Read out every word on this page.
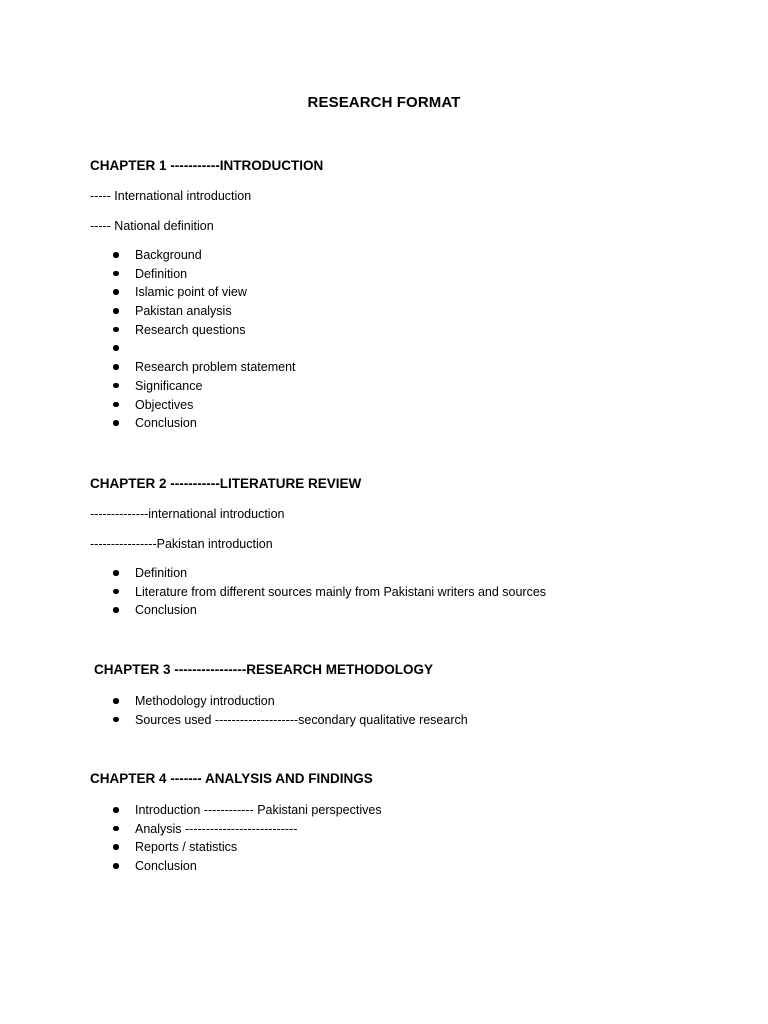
RESEARCH FORMAT
CHAPTER 1 -----------INTRODUCTION
----- International introduction
----- National definition
Background
Definition
Islamic point of view
Pakistan analysis
Research questions
Research problem statement
Significance
Objectives
Conclusion
CHAPTER 2 -----------LITERATURE REVIEW
--------------international introduction
----------------Pakistan introduction
Definition
Literature from different sources mainly from Pakistani writers and sources
Conclusion
CHAPTER 3 ----------------RESEARCH METHODOLOGY
Methodology introduction
Sources used --------------------secondary qualitative research
CHAPTER 4 ------- ANALYSIS AND FINDINGS
Introduction ------------ Pakistani perspectives
Analysis ---------------------------
Reports / statistics
Conclusion
